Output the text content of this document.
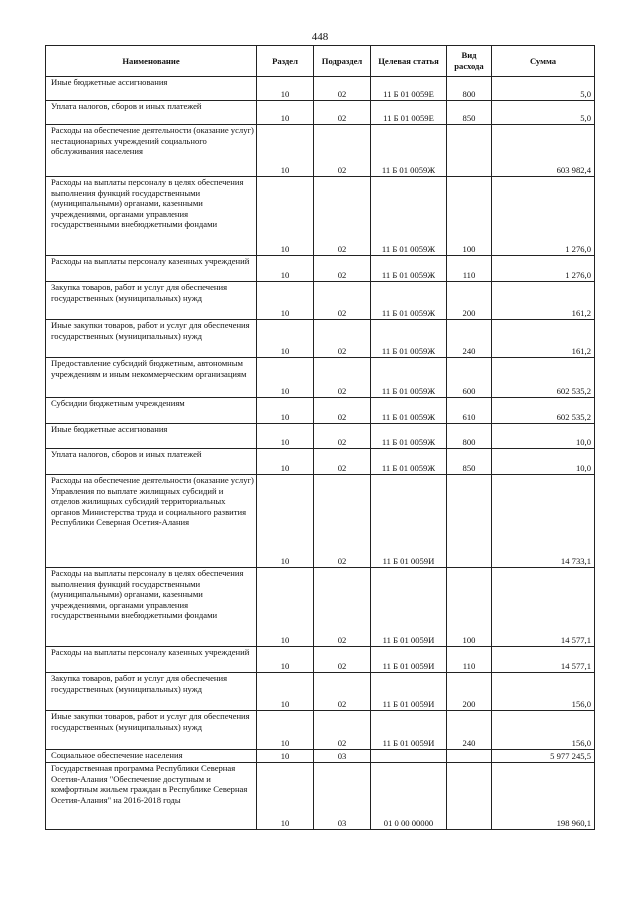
448
Наименование	Раздел	Подраздел	Целевая статья	Вид расхода	Сумма
Иные бюджетные ассигнования	10	02	11 Б 01 0059Е	800	5,0
Уплата налогов, сборов и иных платежей	10	02	11 Б 01 0059Е	850	5,0
Расходы на обеспечение деятельности (оказание услуг) нестационарных учреждений социального обслуживания населения	10	02	11 Б 01 0059Ж		603 982,4
Расходы на выплаты персоналу в целях обеспечения выполнения функций государственными (муниципальными) органами, казенными учреждениями, органами управления государственными внебюджетными фондами	10	02	11 Б 01 0059Ж	100	1 276,0
Расходы на выплаты персоналу казенных учреждений	10	02	11 Б 01 0059Ж	110	1 276,0
Закупка товаров, работ и услуг для обеспечения государственных (муниципальных) нужд	10	02	11 Б 01 0059Ж	200	161,2
Иные закупки товаров, работ и услуг для обеспечения государственных (муниципальных) нужд	10	02	11 Б 01 0059Ж	240	161,2
Предоставление субсидий бюджетным, автономным учреждениям и иным некоммерческим организациям	10	02	11 Б 01 0059Ж	600	602 535,2
Субсидии бюджетным учреждениям	10	02	11 Б 01 0059Ж	610	602 535,2
Иные бюджетные ассигнования	10	02	11 Б 01 0059Ж	800	10,0
Уплата налогов, сборов и иных платежей	10	02	11 Б 01 0059Ж	850	10,0
Расходы на обеспечение деятельности (оказание услуг) Управления по выплате жилищных субсидий и отделов жилищных субсидий территориальных органов Министерства труда и социального развития Республики Северная Осетия-Алания	10	02	11 Б 01 0059И		14 733,1
Расходы на выплаты персоналу в целях обеспечения выполнения функций государственными (муниципальными) органами, казенными учреждениями, органами управления государственными внебюджетными фондами	10	02	11 Б 01 0059И	100	14 577,1
Расходы на выплаты персоналу казенных учреждений	10	02	11 Б 01 0059И	110	14 577,1
Закупка товаров, работ и услуг для обеспечения государственных (муниципальных) нужд	10	02	11 Б 01 0059И	200	156,0
Иные закупки товаров, работ и услуг для обеспечения государственных (муниципальных) нужд	10	02	11 Б 01 0059И	240	156,0
Социальное обеспечение населения	10	03			5 977 245,5
Государственная программа Республики Северная Осетия-Алания "Обеспечение доступным и комфортным жильем граждан в Республике Северная Осетия-Алания" на 2016-2018 годы	10	03	01 0 00 00000		198 960,1
